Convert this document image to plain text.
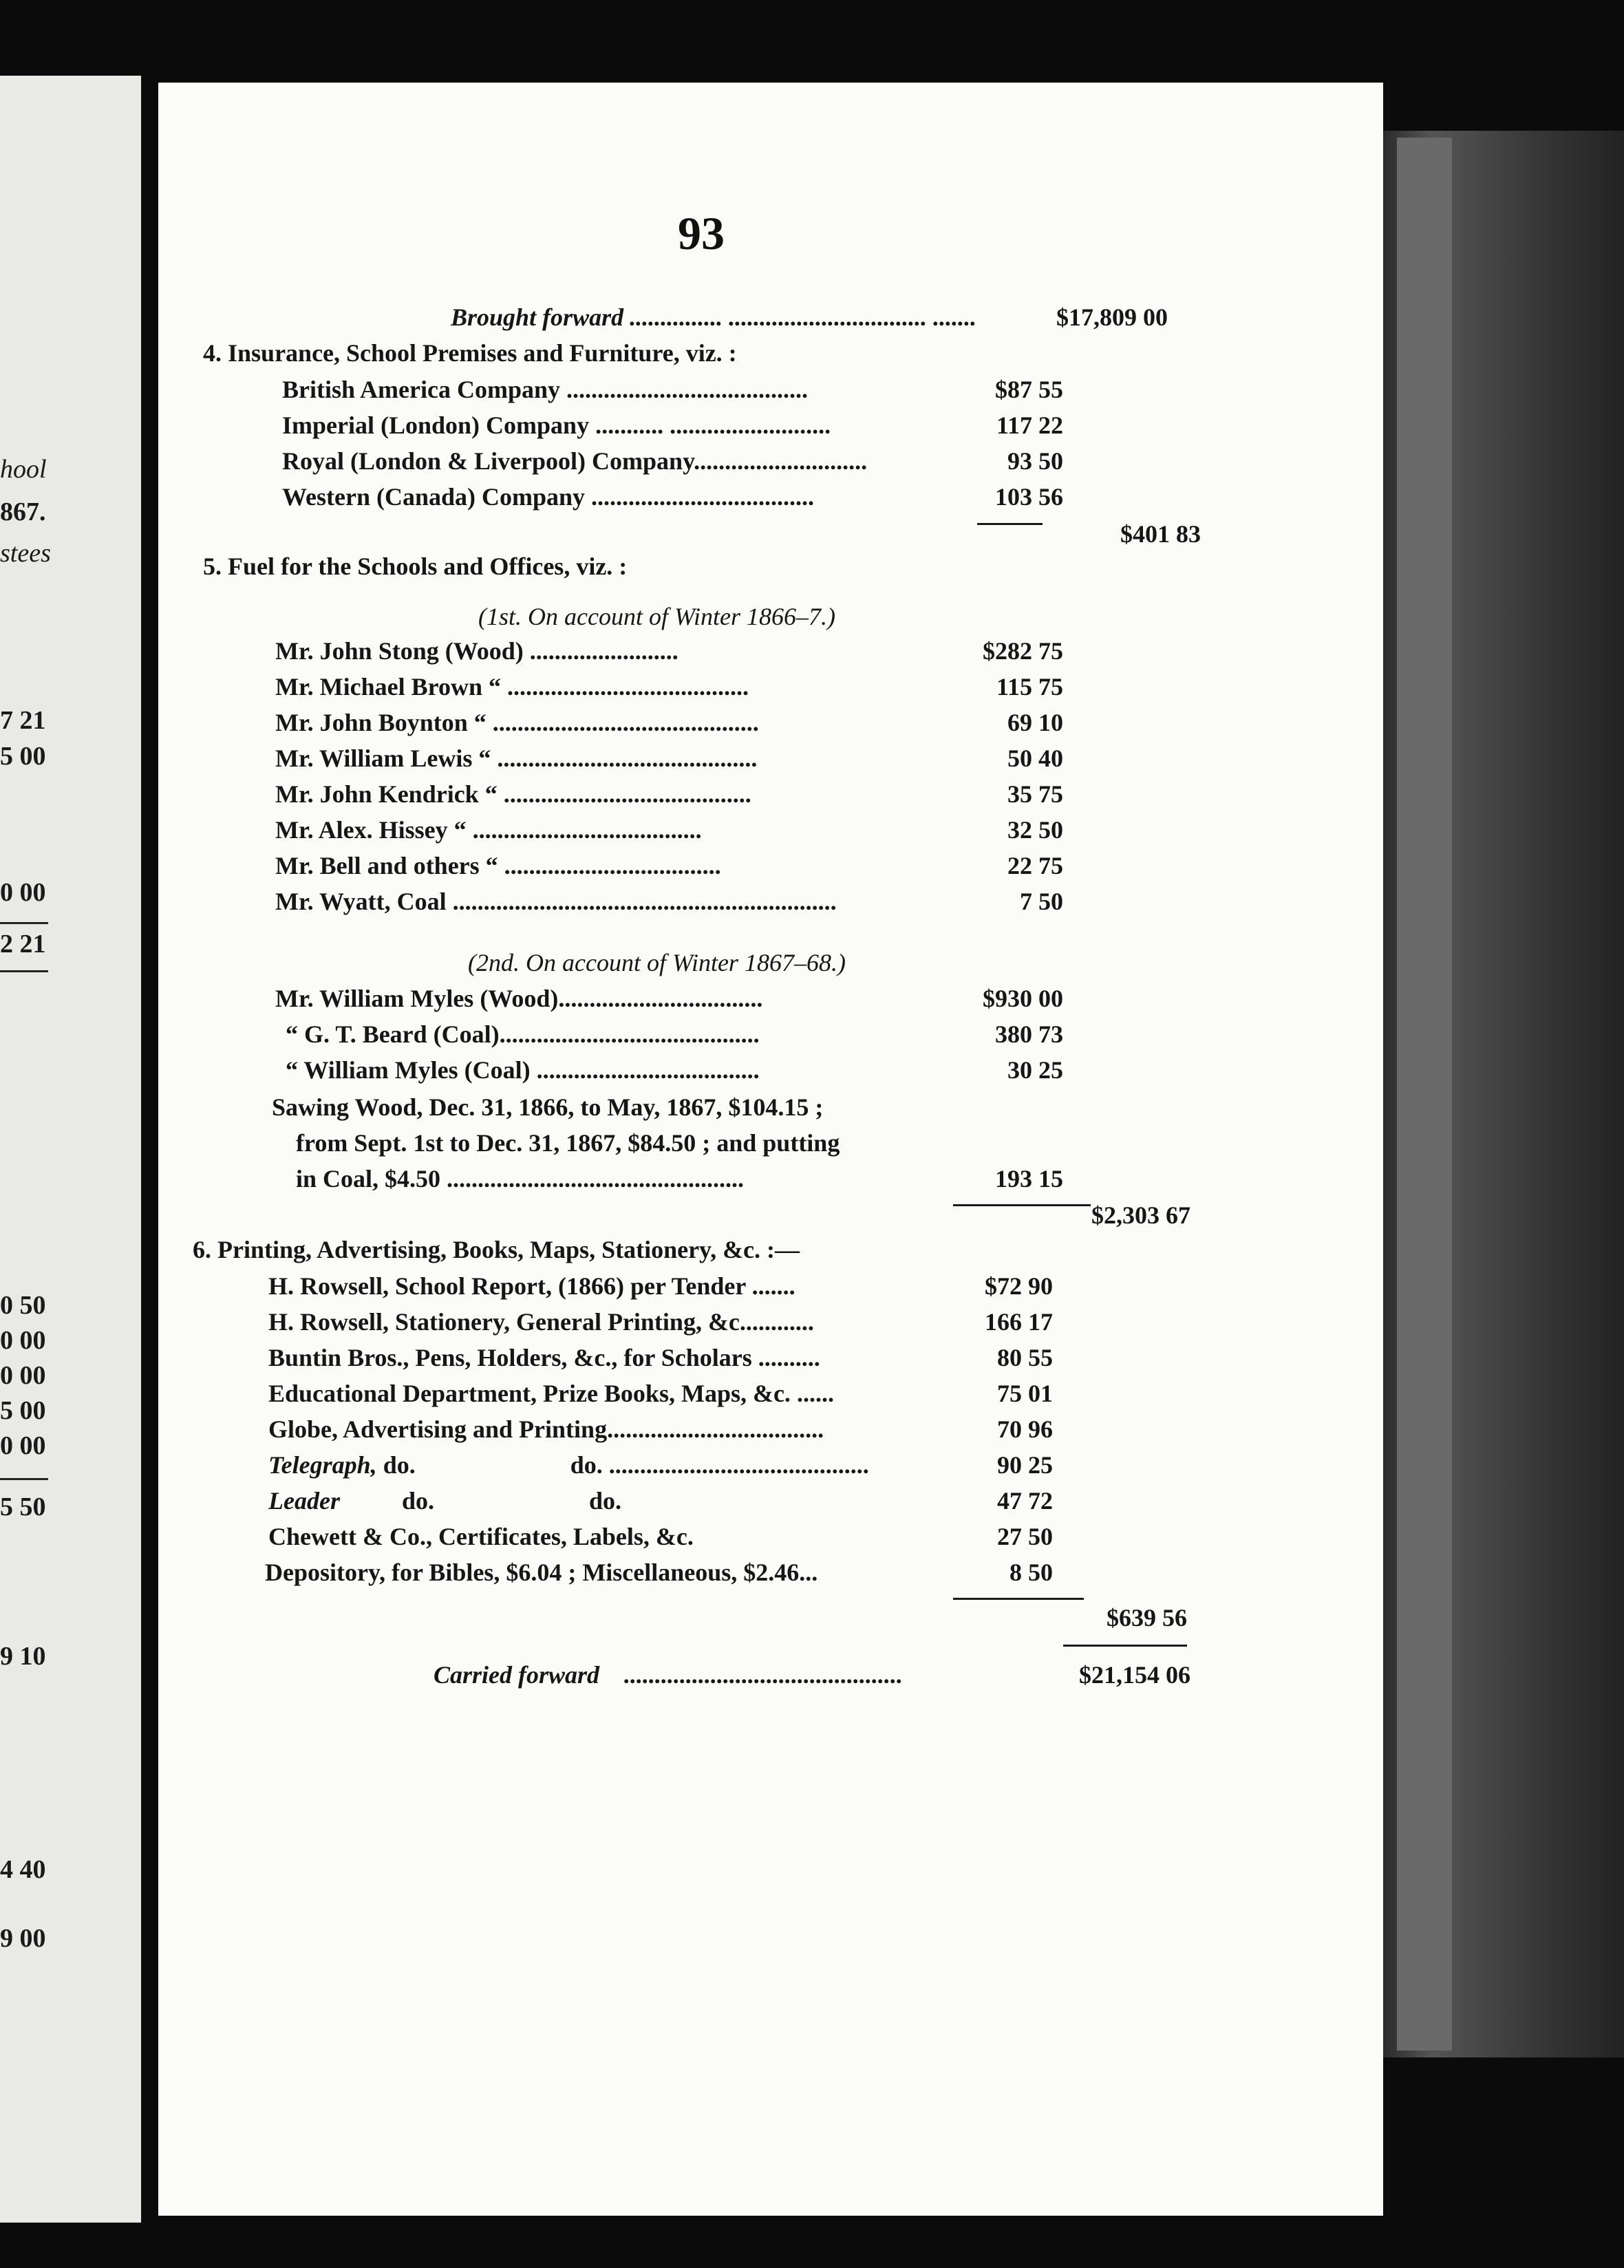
hool
867.
stees
7 21
5 00
0 00
2 21
0 50
0 00
0 00
5 00
0 00
5 50
9 10
4 40
9 00
93
Brought forward ............... ................................ .......	$17,809 00
4. Insurance, School Premises and Furniture, viz. :
British America Company .......................................	$87 55
Imperial (London) Company ........... ..........................	117 22
Royal (London & Liverpool) Company............................	93 50
Western (Canada) Company ....................................	103 56
$401 83
5. Fuel for the Schools and Offices, viz. :
(1st. On account of Winter 1866–7.)
Mr. John Stong (Wood) ........................	$282 75
Mr. Michael Brown “ .......................................	115 75
Mr. John Boynton “ ...........................................	69 10
Mr. William Lewis “ ..........................................	50 40
Mr. John Kendrick “ ........................................	35 75
Mr. Alex. Hissey “ .....................................	32 50
Mr. Bell and others “ ...................................	22 75
Mr. Wyatt, Coal ..............................................................	7 50
(2nd. On account of Winter 1867–68.)
Mr. William Myles (Wood).................................	$930 00
“ G. T. Beard (Coal)..........................................	380 73
“ William Myles (Coal) ....................................	30 25
Sawing Wood, Dec. 31, 1866, to May, 1867, $104.15 ;
from Sept. 1st to Dec. 31, 1867, $84.50 ; and putting
in Coal, $4.50 ................................................	193 15
$2,303 67
6. Printing, Advertising, Books, Maps, Stationery, &c. :—
H. Rowsell, School Report, (1866) per Tender .......	$72 90
H. Rowsell, Stationery, General Printing, &c............	166 17
Buntin Bros., Pens, Holders, &c., for Scholars ..........	80 55
Educational Department, Prize Books, Maps, &c. ......	75 01
Globe, Advertising and Printing...................................	70 96
Telegraph, do.                         do. ..........................................	90 25
Leader          do.                         do.	47 72
Chewett & Co., Certificates, Labels, &c.	27 50
Depository, for Bibles, $6.04 ; Miscellaneous, $2.46...	8 50
$639 56
Carried forward    .............................................	$21,154 06
